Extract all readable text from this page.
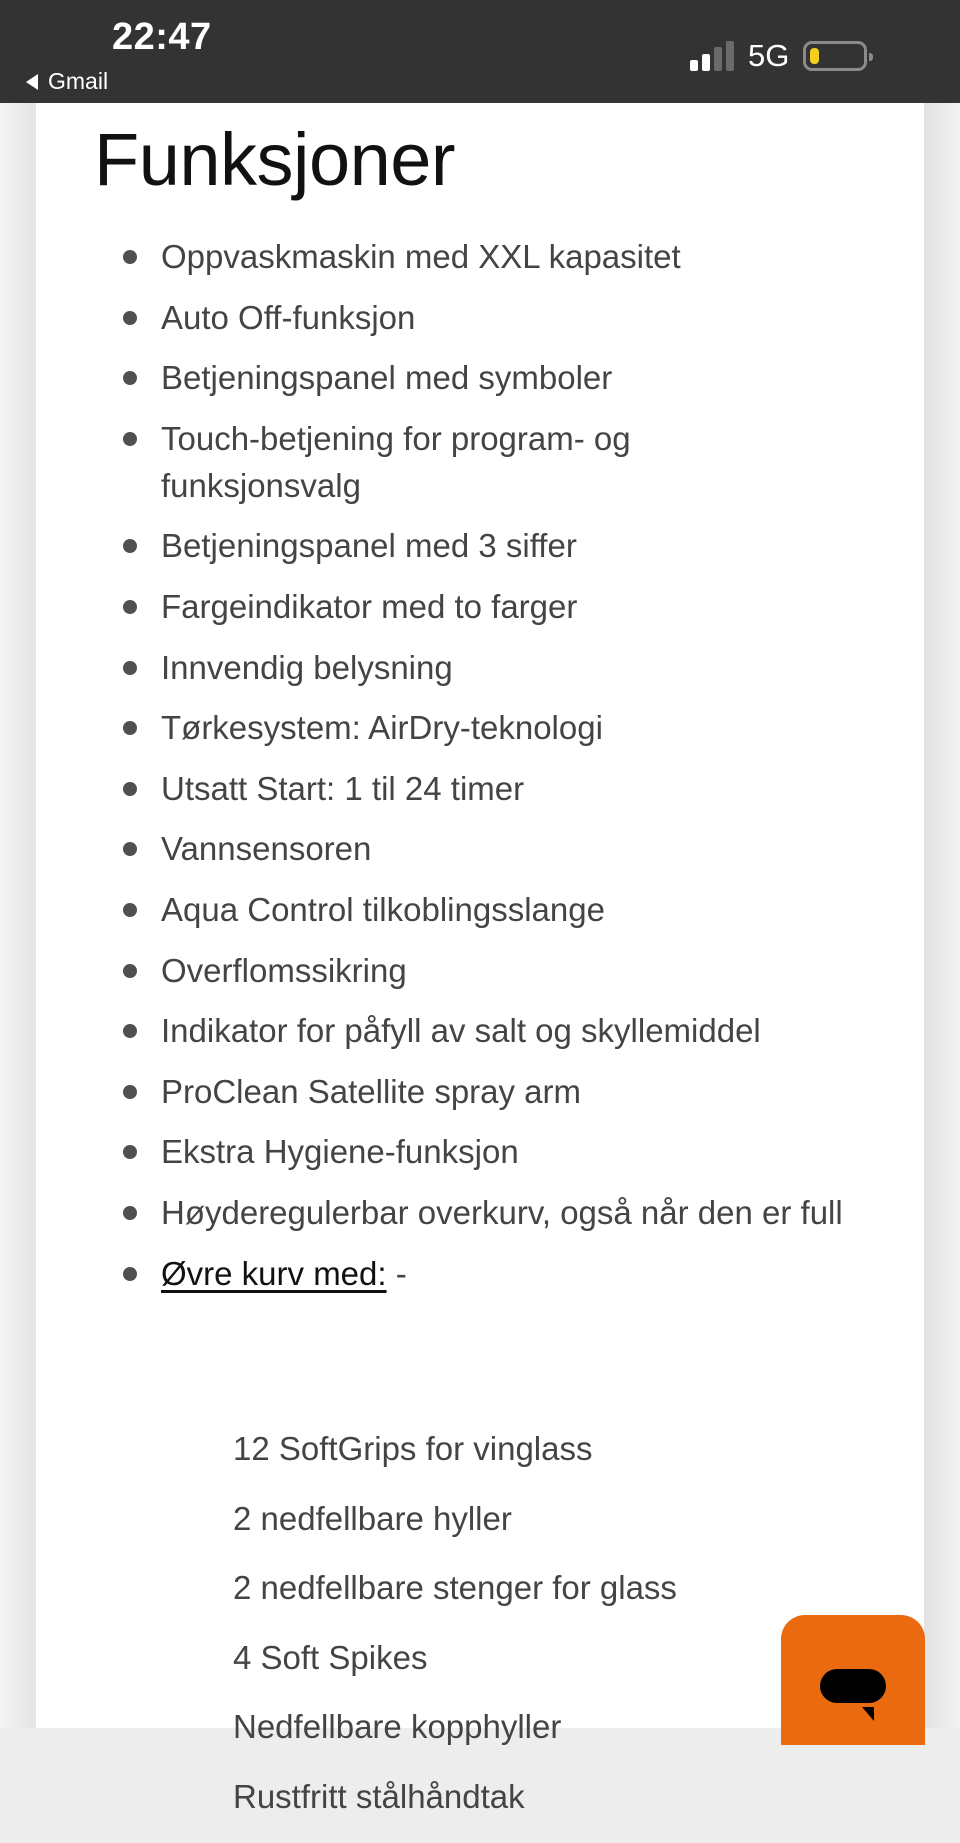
22:47
Gmail
5G
Funksjoner
Oppvaskmaskin med XXL kapasitet
Auto Off-funksjon
Betjeningspanel med symboler
Touch-betjening for program- og funksjonsvalg
Betjeningspanel med 3 siffer
Fargeindikator med to farger
Innvendig belysning
Tørkesystem: AirDry-teknologi
Utsatt Start: 1 til 24 timer
Vannsensoren
Aqua Control tilkoblingsslange
Overflomssikring
Indikator for påfyll av salt og skyllemiddel
ProClean Satellite spray arm
Ekstra Hygiene-funksjon
Høyderegulerbar overkurv, også når den er full
Øvre kurv med: -
12 SoftGrips for vinglass
2 nedfellbare hyller
2 nedfellbare stenger for glass
4 Soft Spikes
Nedfellbare kopphyller
Rustfritt stålhåndtak
